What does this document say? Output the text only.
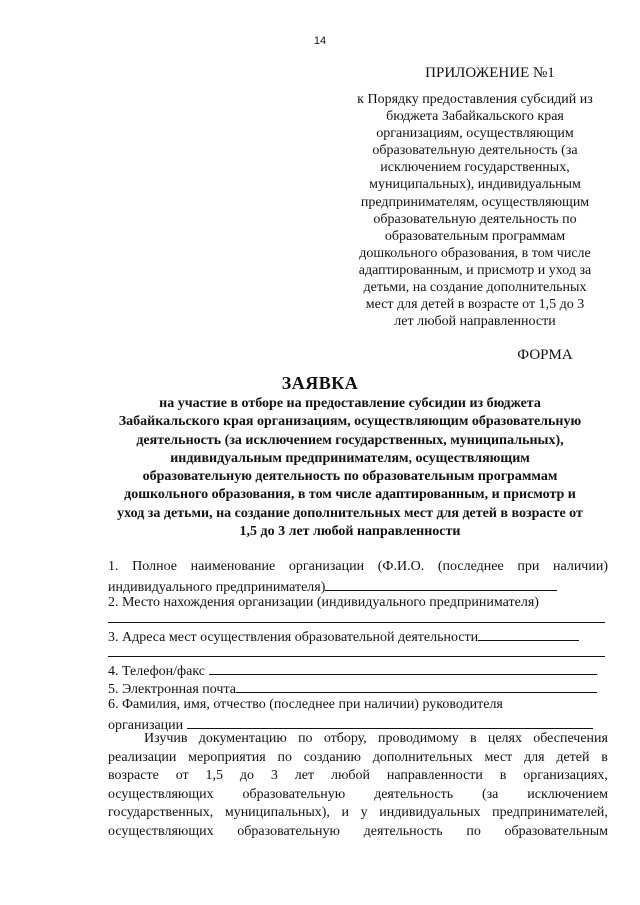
14
ПРИЛОЖЕНИЕ №1
к Порядку предоставления субсидий из
бюджета Забайкальского края
организациям, осуществляющим
образовательную деятельность (за
исключением государственных,
муниципальных), индивидуальным
предпринимателям, осуществляющим
образовательную деятельность по
образовательным программам
дошкольного образования, в том числе
адаптированным, и присмотр и уход за
детьми, на создание дополнительных
мест для детей в возрасте от 1,5 до 3
лет любой направленности
ФОРМА
ЗАЯВКА
на участие в отборе на предоставление субсидии из бюджета
Забайкальского края организациям, осуществляющим образовательную
деятельность (за исключением государственных, муниципальных),
индивидуальным предпринимателям, осуществляющим
образовательную деятельность по образовательным программам
дошкольного образования, в том числе адаптированным, и присмотр и
уход за детьми, на создание дополнительных мест для детей в возрасте от
1,5 до 3 лет любой направленности
1. Полное наименование организации (Ф.И.О. (последнее при наличии)
индивидуального предпринимателя)
2. Место нахождения организации (индивидуального предпринимателя)
3. Адреса мест осуществления образовательной деятельности
4. Телефон/факс
5. Электронная почта
6. Фамилия, имя, отчество (последнее при наличии) руководителя
организации
Изучив документацию по отбору, проводимому в целях обеспечения
реализации мероприятия по созданию дополнительных мест для детей в
возрасте от 1,5 до 3 лет любой направленности в организациях,
осуществляющих образовательную деятельность (за исключением
государственных, муниципальных), и у индивидуальных предпринимателей,
осуществляющих образовательную деятельность по образовательным
